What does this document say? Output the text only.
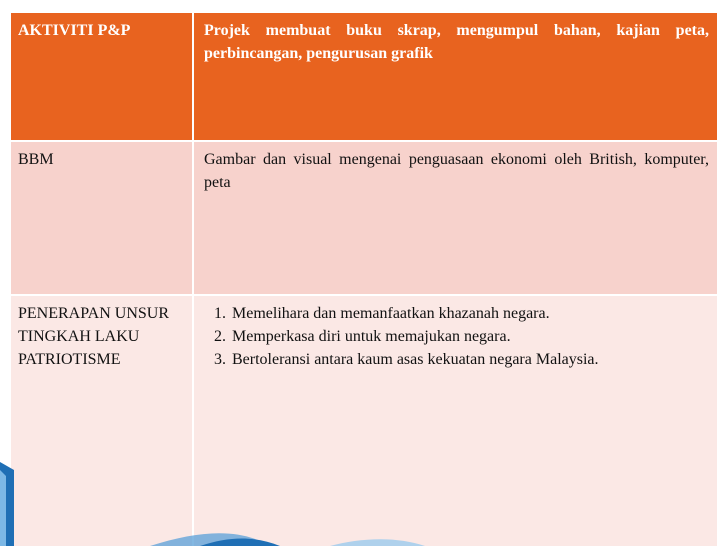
AKTIVITI P&P	Projek membuat buku skrap, mengumpul bahan, kajian peta, perbincangan, pengurusan grafik
BBM	Gambar dan visual mengenai penguasaan ekonomi oleh British, komputer, peta
PENERAPAN UNSUR TINGKAH LAKU PATRIOTISME
1. Memelihara dan memanfaatkan khazanah negara.
2. Memperkasa diri untuk memajukan negara.
3. Bertoleransi antara kaum asas kekuatan negara Malaysia.
